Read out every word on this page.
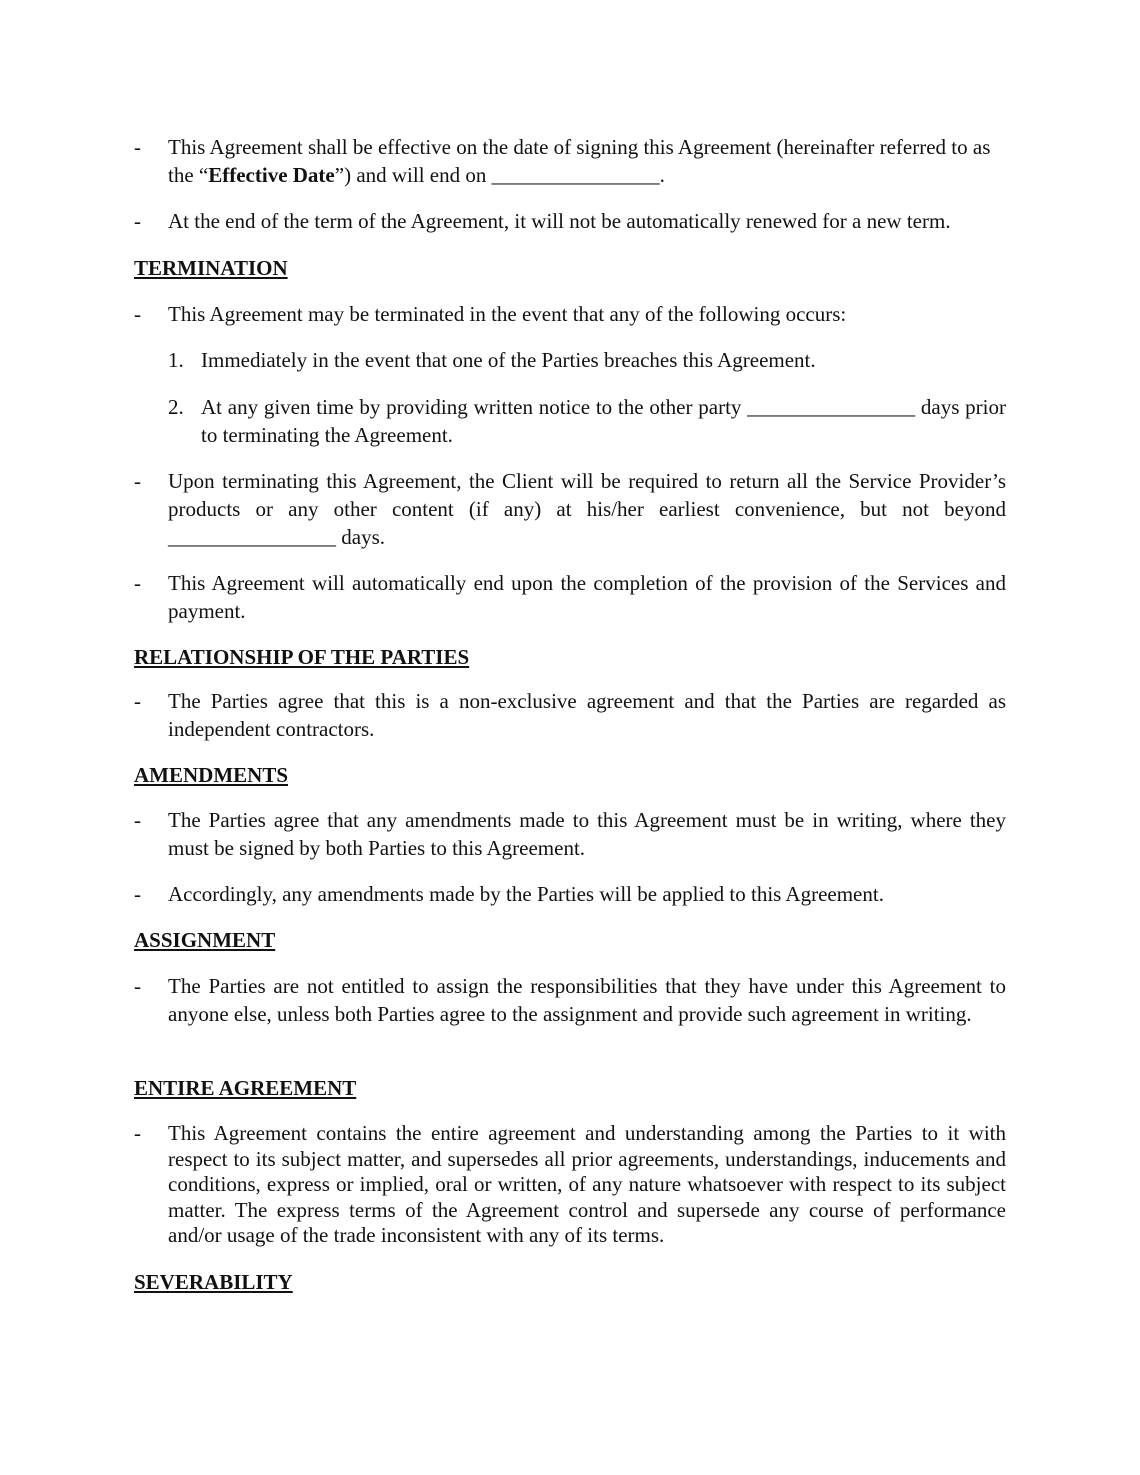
- This Agreement shall be effective on the date of signing this Agreement (hereinafter referred to as the “Effective Date”) and will end on ________________.
- At the end of the term of the Agreement, it will not be automatically renewed for a new term.
TERMINATION
- This Agreement may be terminated in the event that any of the following occurs:
1. Immediately in the event that one of the Parties breaches this Agreement.
2. At any given time by providing written notice to the other party ________________ days prior to terminating the Agreement.
- Upon terminating this Agreement, the Client will be required to return all the Service Provider’s products or any other content (if any) at his/her earliest convenience, but not beyond ________________ days.
- This Agreement will automatically end upon the completion of the provision of the Services and payment.
RELATIONSHIP OF THE PARTIES
- The Parties agree that this is a non-exclusive agreement and that the Parties are regarded as independent contractors.
AMENDMENTS
- The Parties agree that any amendments made to this Agreement must be in writing, where they must be signed by both Parties to this Agreement.
- Accordingly, any amendments made by the Parties will be applied to this Agreement.
ASSIGNMENT
- The Parties are not entitled to assign the responsibilities that they have under this Agreement to anyone else, unless both Parties agree to the assignment and provide such agreement in writing.
ENTIRE AGREEMENT
- This Agreement contains the entire agreement and understanding among the Parties to it with respect to its subject matter, and supersedes all prior agreements, understandings, inducements and conditions, express or implied, oral or written, of any nature whatsoever with respect to its subject matter. The express terms of the Agreement control and supersede any course of performance and/or usage of the trade inconsistent with any of its terms.
SEVERABILITY
